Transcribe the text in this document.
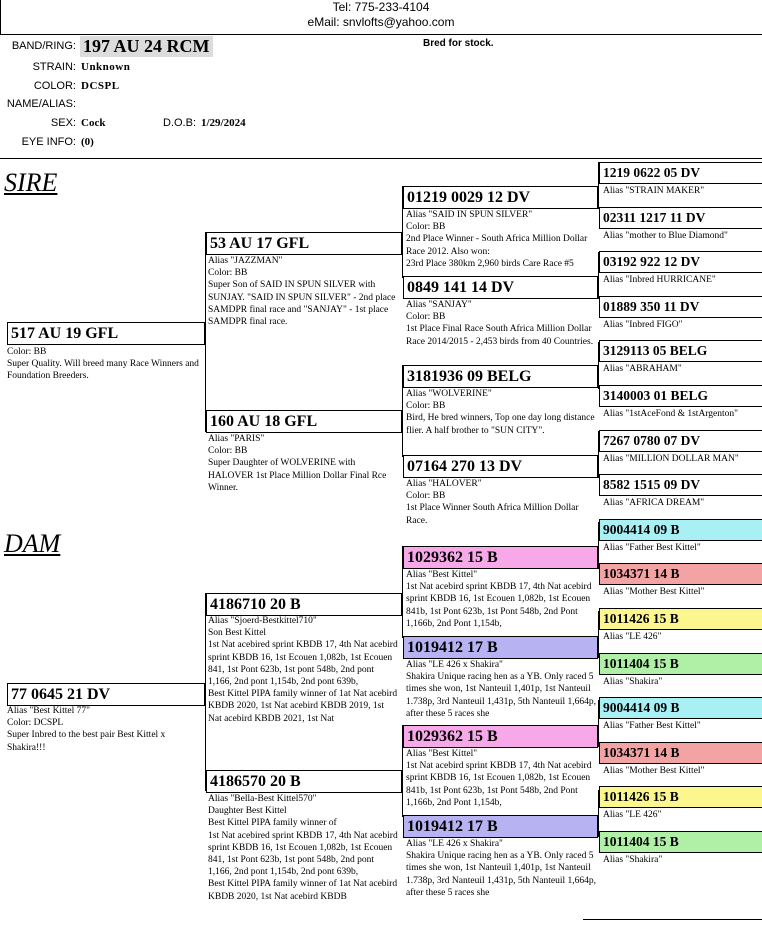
Tel: 775-233-4104
eMail: snvlofts@yahoo.com
BAND/RING: 197 AU 24 RCM	Bred for stock.
STRAIN: Unknown
COLOR: DCSPL
NAME/ALIAS:
SEX: Cock	D.O.B: 1/29/2024
EYE INFO: (0)
SIRE
DAM
517 AU 19 GFL
Color: BB
Super Quality. Will breed many Race Winners and Foundation Breeders.
77 0645 21 DV
Alias "Best Kittel 77"
Color: DCSPL
Super Inbred to the best pair Best Kittel x Shakira!!!
53 AU 17 GFL
Alias "JAZZMAN"
Color: BB
Super Son of SAID IN SPUN SILVER with SUNJAY. "SAID IN SPUN SILVER" - 2nd place SAMDPR final race and "SANJAY" - 1st place SAMDPR final race.
160 AU 18 GFL
Alias "PARIS"
Color: BB
Super Daughter of WOLVERINE with HALOVER 1st Place Million Dollar Final Rce Winner.
4186710 20 B
Alias "Sjoerd-Bestkittel710"
Son Best Kittel
1st Nat acebired sprint KBDB 17, 4th Nat acebird sprint KBDB 16, 1st Ecouen 1,082b, 1st Ecouen 841, 1st Pont 623b, 1st pont 548b, 2nd pont 1,166, 2nd pont 1,154b, 2nd pont 639b,
Best Kittel PIPA family winner of 1at Nat acebird KBDB 2020, 1st Nat acebird KBDB 2019, 1st Nat acebird KBDB 2021, 1st Nat
4186570 20 B
Alias "Bella-Best Kittel570"
Daughter Best Kittel
Best Kittel PIPA family winner of
1st Nat acebired sprint KBDB 17, 4th Nat acebird sprint KBDB 16, 1st Ecouen 1,082b, 1st Ecouen 841, 1st Pont 623b, 1st pont 548b, 2nd pont 1,166, 2nd pont 1,154b, 2nd pont 639b,
Best Kittel PIPA family winner of 1at Nat acebird KBDB 2020, 1st Nat acebird KBDB
01219 0029 12 DV
Alias "SAID IN SPUN SILVER"
Color: BB
2nd Place Winner - South Africa Million Dollar Race 2012. Also won:
23rd Place 380km 2,960 birds Care Race #5
0849 141 14 DV
Alias "SANJAY"
Color: BB
1st Place Final Race South Africa Million Dollar Race 2014/2015 - 2,453 birds from 40 Countries.
3181936 09 BELG
Alias "WOLVERINE"
Color: BB
Bird, He bred winners, Top one day long distance flier. A half brother to "SUN CITY".
07164 270 13 DV
Alias "HALOVER"
Color: BB
1st Place Winner South Africa Million Dollar Race.
1029362 15 B
Alias "Best Kittel"
1st Nat acebird sprint KBDB 17, 4th Nat acebird sprint KBDB 16, 1st Ecouen 1,082b, 1st Ecouen 841b, 1st Pont 623b, 1st Pont 548b, 2nd Pont 1,166b, 2nd Pont 1,154b,
1019412 17 B
Alias "LE 426 x Shakira"
Shakira Unique racing hen as a YB. Only raced 5 times she won, 1st Nanteuil 1,401p, 1st Nanteuil 1.738p, 3rd Nanteuil 1,431p, 5th Nanteuil 1,664p, after these 5 races she
1029362 15 B
Alias "Best Kittel"
1st Nat acebird sprint KBDB 17, 4th Nat acebird sprint KBDB 16, 1st Ecouen 1,082b, 1st Ecouen 841b, 1st Pont 623b, 1st Pont 548b, 2nd Pont 1,166b, 2nd Pont 1,154b,
1019412 17 B
Alias "LE 426 x Shakira"
Shakira Unique racing hen as a YB. Only raced 5 times she won, 1st Nanteuil 1,401p, 1st Nanteuil 1.738p, 3rd Nanteuil 1,431p, 5th Nanteuil 1,664p, after these 5 races she
1219 0622 05 DV
Alias "STRAIN MAKER"
02311 1217 11 DV
Alias "mother to Blue Diamond"
03192 922 12 DV
Alias "Inbred HURRICANE"
01889 350 11 DV
Alias "Inbred FIGO"
3129113 05 BELG
Alias "ABRAHAM"
3140003 01 BELG
Alias "1stAceFond & 1stArgenton"
7267 0780 07 DV
Alias "MILLION DOLLAR MAN"
8582 1515 09 DV
Alias "AFRICA DREAM"
9004414 09 B
Alias "Father Best Kittel"
1034371 14 B
Alias "Mother Best Kittel"
1011426 15 B
Alias "LE 426"
1011404 15 B
Alias "Shakira"
9004414 09 B
Alias "Father Best Kittel"
1034371 14 B
Alias "Mother Best Kittel"
1011426 15 B
Alias "LE 426"
1011404 15 B
Alias "Shakira"
